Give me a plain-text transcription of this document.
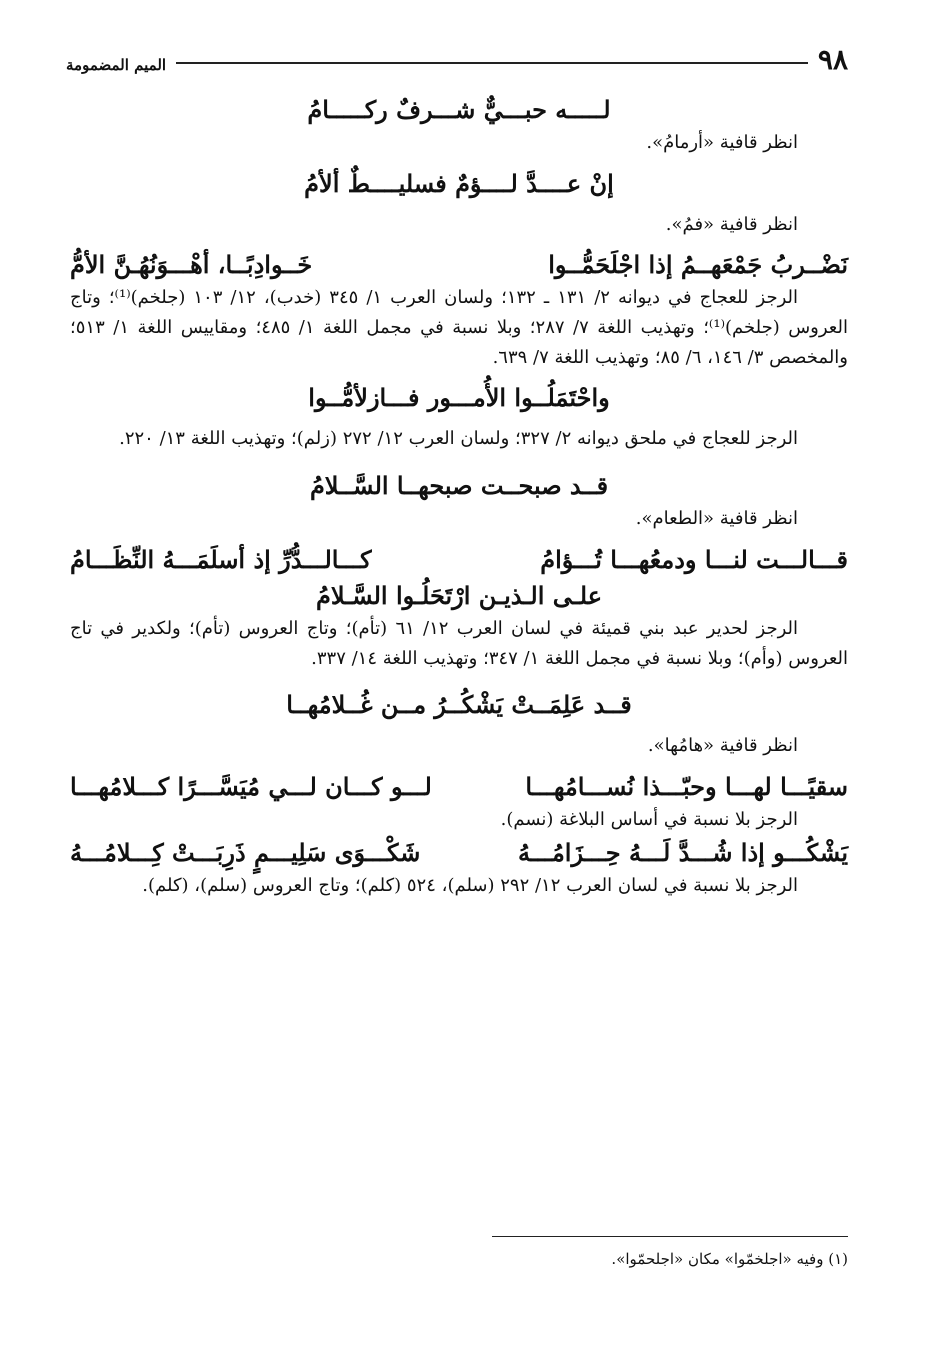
٩٨
الميم المضمومة
لـــــه حبـــيٌّ شـــرفٌ ركـــــامُ
انظر قافية «أرمامُ».
إنْ عــــدَّ لــــؤمٌ فسليــــطٌ ألأمُ
انظر قافية «فمُ».
نَضْــربُ جَمْعَهــمُ إذا اجْلَحَمُّــوا
خَــوادِبًــا، أهْـــوَنُهُـنَّ الأمُّ
الرجز للعجاج في ديوانه ٢/ ١٣١ ـ ١٣٢؛ ولسان العرب ١/ ٣٤٥ (خدب)، ١٢/ ١٠٣ (جلخم)⁽¹⁾؛ وتاج العروس (جلخم)⁽¹⁾؛ وتهذيب اللغة ٧/ ٢٨٧؛ وبلا نسبة في مجمل اللغة ١/ ٤٨٥؛ ومقاييس اللغة ١/ ٥١٣؛ والمخصص ٣/ ١٤٦، ٦/ ٨٥؛ وتهذيب اللغة ٧/ ٦٣٩.
واحْتَمَلُــوا الأُمـــور فـــازلأمُّــوا
الرجز للعجاج في ملحق ديوانه ٢/ ٣٢٧؛ ولسان العرب ١٢/ ٢٧٢ (زلم)؛ وتهذيب اللغة ١٣/ ٢٢٠.
قــد صبحــت صبحهــا السَّــلامُ
انظر قافية «الطعام».
قـــالـــت لنـــا ودمعُهـــا تُـــؤامُ
كـــالـــدُّرِّ إذ أسلَمَـــهُ النِّظَـــامُ
علـى الـذيـن ارْتَحَلُـوا السَّـلامُ
الرجز لحدير عبد بني قميئة في لسان العرب ١٢/ ٦١ (تأم)؛ وتاج العروس (تأم)؛ ولكدير في تاج العروس (وأم)؛ وبلا نسبة في مجمل اللغة ١/ ٣٤٧؛ وتهذيب اللغة ١٤/ ٣٣٧.
قــد عَلِمَــتْ يَشْكُــرُ مــن غُــلامُهــا
انظر قافية «هامُها».
سقيًـــا لهـــا وحبّـــذا نُســـامُهـــا
لـــو كـــان لـــي مُيَسَّـــرًا كـــلامُهـــا
الرجز بلا نسبة في أساس البلاغة (نسم).
يَشْكُـــو إذا شُـــدَّ لَـــهُ حِـــزَامُـــهُ
شَكْـــوَى سَلِيـــمٍ ذَرِبَـــتْ كِـــلامُـــهُ
الرجز بلا نسبة في لسان العرب ١٢/ ٢٩٢ (سلم)، ٥٢٤ (كلم)؛ وتاج العروس (سلم)، (كلم).
(١) وفيه «اجلخمّوا» مكان «اجلحمّوا».
